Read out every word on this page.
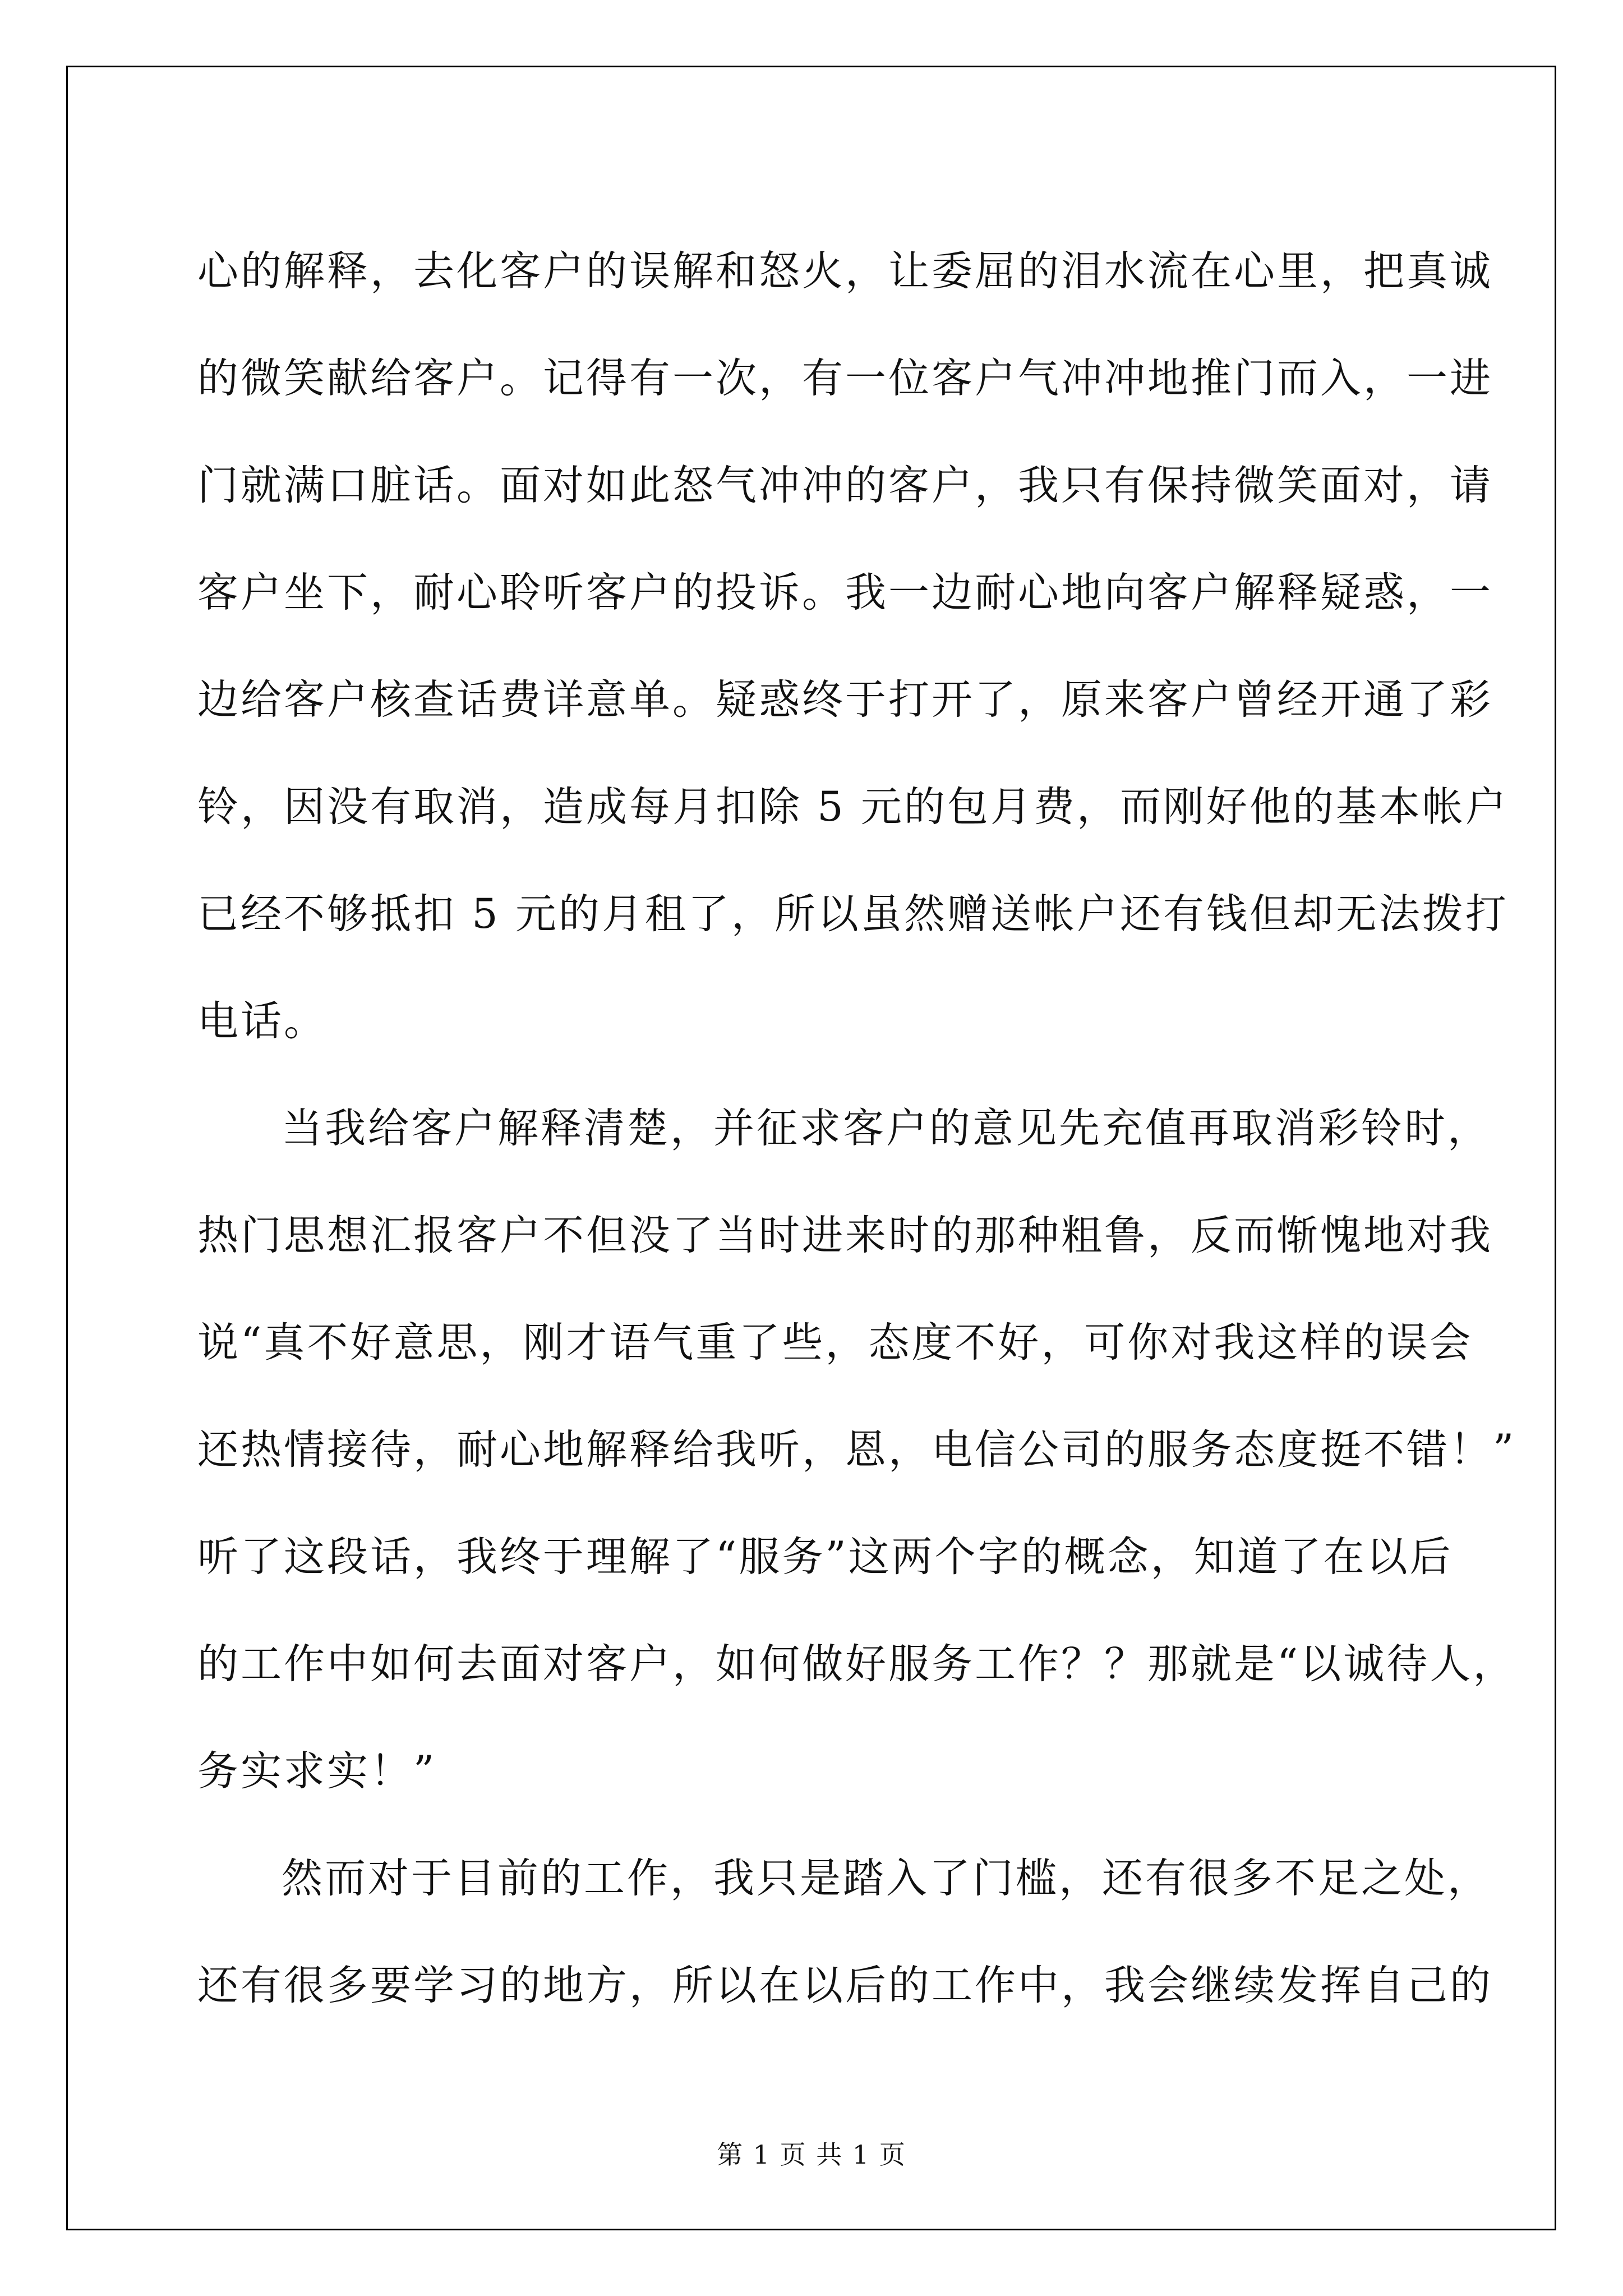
心的解释，去化客户的误解和怒火，让委屈的泪水流在心里，把真诚
的微笑献给客户。记得有一次，有一位客户气冲冲地推门而入，一进
门就满口脏话。面对如此怒气冲冲的客户，我只有保持微笑面对，请
客户坐下，耐心聆听客户的投诉。我一边耐心地向客户解释疑惑，一
边给客户核查话费详意单。疑惑终于打开了，原来客户曾经开通了彩
铃，因没有取消，造成每月扣除 5 元的包月费，而刚好他的基本帐户
已经不够抵扣 5 元的月租了，所以虽然赠送帐户还有钱但却无法拨打
电话。
当我给客户解释清楚，并征求客户的意见先充值再取消彩铃时，
热门思想汇报客户不但没了当时进来时的那种粗鲁，反而惭愧地对我
说“真不好意思，刚才语气重了些，态度不好，可你对我这样的误会
还热情接待，耐心地解释给我听，恩，电信公司的服务态度挺不错！”
听了这段话，我终于理解了“服务”这两个字的概念，知道了在以后
的工作中如何去面对客户，如何做好服务工作？？那就是“以诚待人，
务实求实！”
然而对于目前的工作，我只是踏入了门槛，还有很多不足之处，
还有很多要学习的地方，所以在以后的工作中，我会继续发挥自己的
第 1 页 共 1 页
